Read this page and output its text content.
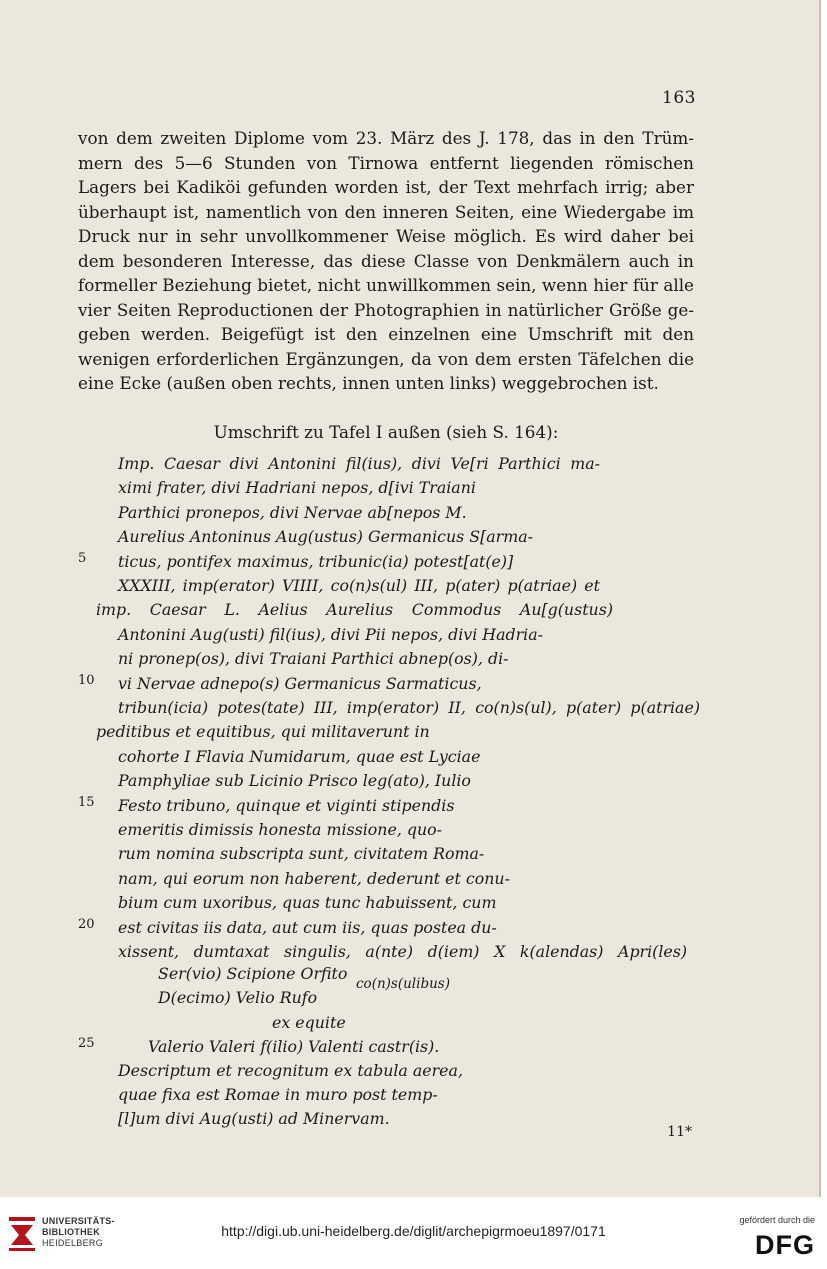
163
von dem zweiten Diplome vom 23. März des J. 178, das in den Trüm-
mern des 5—6 Stunden von Tirnowa entfernt liegenden römischen
Lagers bei Kadiköi gefunden worden ist, der Text mehrfach irrig; aber
überhaupt ist, namentlich von den inneren Seiten, eine Wiedergabe im
Druck nur in sehr unvollkommener Weise möglich. Es wird daher bei
dem besonderen Interesse, das diese Classe von Denkmälern auch in
formeller Beziehung bietet, nicht unwillkommen sein, wenn hier für alle
vier Seiten Reproductionen der Photographien in natürlicher Größe ge-
geben werden. Beigefügt ist den einzelnen eine Umschrift mit den
wenigen erforderlichen Ergänzungen, da von dem ersten Täfelchen die
eine Ecke (außen oben rechts, innen unten links) weggebrochen ist.
Umschrift zu Tafel I außen (sieh S. 164):
Imp. Caesar divi Antonini fil(ius), divi Ve[ri Parthici ma-
ximi frater, divi Hadriani nepos, d[ivi Traiani
Parthici pronepos, divi Nervae ab[nepos M.
Aurelius Antoninus Aug(ustus) Germanicus S[arma-
ticus, pontifex maximus, tribunic(ia) potest[at(e)]
5
XXXIII, imp(erator) VIIII, co(n)s(ul) III, p(ater) p(atriae) et
imp. Caesar L. Aelius Aurelius Commodus Au[g(ustus)
Antonini Aug(usti) fil(ius), divi Pii nepos, divi Hadria-
ni pronep(os), divi Traiani Parthici abnep(os), di-
vi Nervae adnepo(s) Germanicus Sarmaticus,
10
tribun(icia) potes(tate) III, imp(erator) II, co(n)s(ul), p(ater) p(atriae)
peditibus et equitibus, qui militaverunt in
cohorte I Flavia Numidarum, quae est Lyciae
Pamphyliae sub Licinio Prisco leg(ato), Iulio
Festo tribuno, quinque et viginti stipendis
15
emeritis dimissis honesta missione, quo-
rum nomina subscripta sunt, civitatem Roma-
nam, qui eorum non haberent, dederunt et conu-
bium cum uxoribus, quas tunc habuissent, cum
est civitas iis data, aut cum iis, quas postea du-
20
xissent, dumtaxat singulis, a(nte) d(iem) X k(alendas) Apri(les)
Ser(vio) Scipione Orfito
D(ecimo) Velio Rufo
ex equite
Valerio Valeri f(ilio) Valenti castr(is).
25
Descriptum et recognitum ex tabula aerea,
quae fixa est Romae in muro post temp-
[l]um divi Aug(usti) ad Minervam.
co(n)s(ulibus)
11*
UNIVERSITÄTS-
BIBLIOTHEK
HEIDELBERG
http://digi.ub.uni-heidelberg.de/diglit/archepigrmoeu1897/0171
gefördert durch die
DFG
